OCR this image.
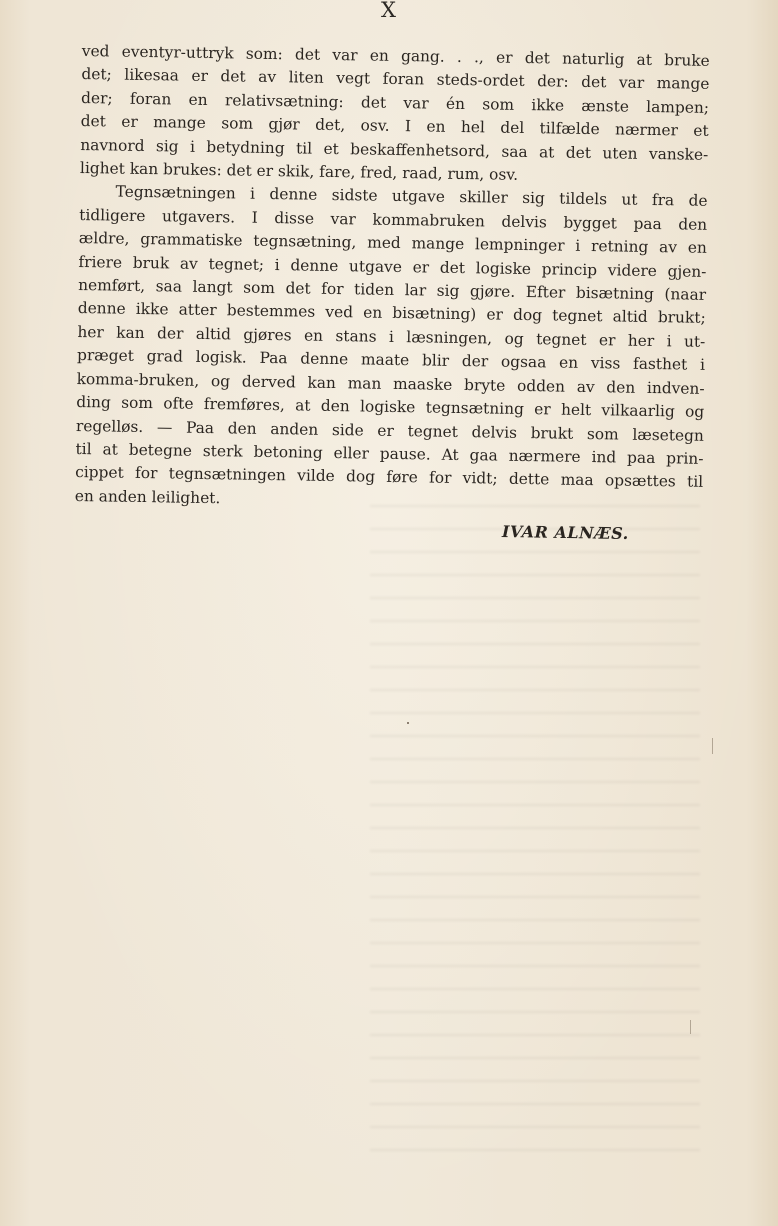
X
ved eventyr-uttryk som: det var en gang. . ., er det naturlig at bruke
det; likesaa er det av liten vegt foran steds-ordet der: det var mange
der; foran en relativsætning: det var én som ikke ænste lampen;
det er mange som gjør det, osv. I en hel del tilfælde nærmer et
navnord sig i betydning til et beskaffenhetsord, saa at det uten vanske-
lighet kan brukes: det er skik, fare, fred, raad, rum, osv.
Tegnsætningen i denne sidste utgave skiller sig tildels ut fra de
tidligere utgavers. I disse var kommabruken delvis bygget paa den
ældre, grammatiske tegnsætning, med mange lempninger i retning av en
friere bruk av tegnet; i denne utgave er det logiske princip videre gjen-
nemført, saa langt som det for tiden lar sig gjøre. Efter bisætning (naar
denne ikke atter bestemmes ved en bisætning) er dog tegnet altid brukt;
her kan der altid gjøres en stans i læsningen, og tegnet er her i ut-
præget grad logisk. Paa denne maate blir der ogsaa en viss fasthet i
komma-bruken, og derved kan man maaske bryte odden av den indven-
ding som ofte fremføres, at den logiske tegnsætning er helt vilkaarlig og
regelløs. — Paa den anden side er tegnet delvis brukt som læsetegn
til at betegne sterk betoning eller pause. At gaa nærmere ind paa prin-
cippet for tegnsætningen vilde dog føre for vidt; dette maa opsættes til
en anden leilighet.
IVAR ALNÆS.
